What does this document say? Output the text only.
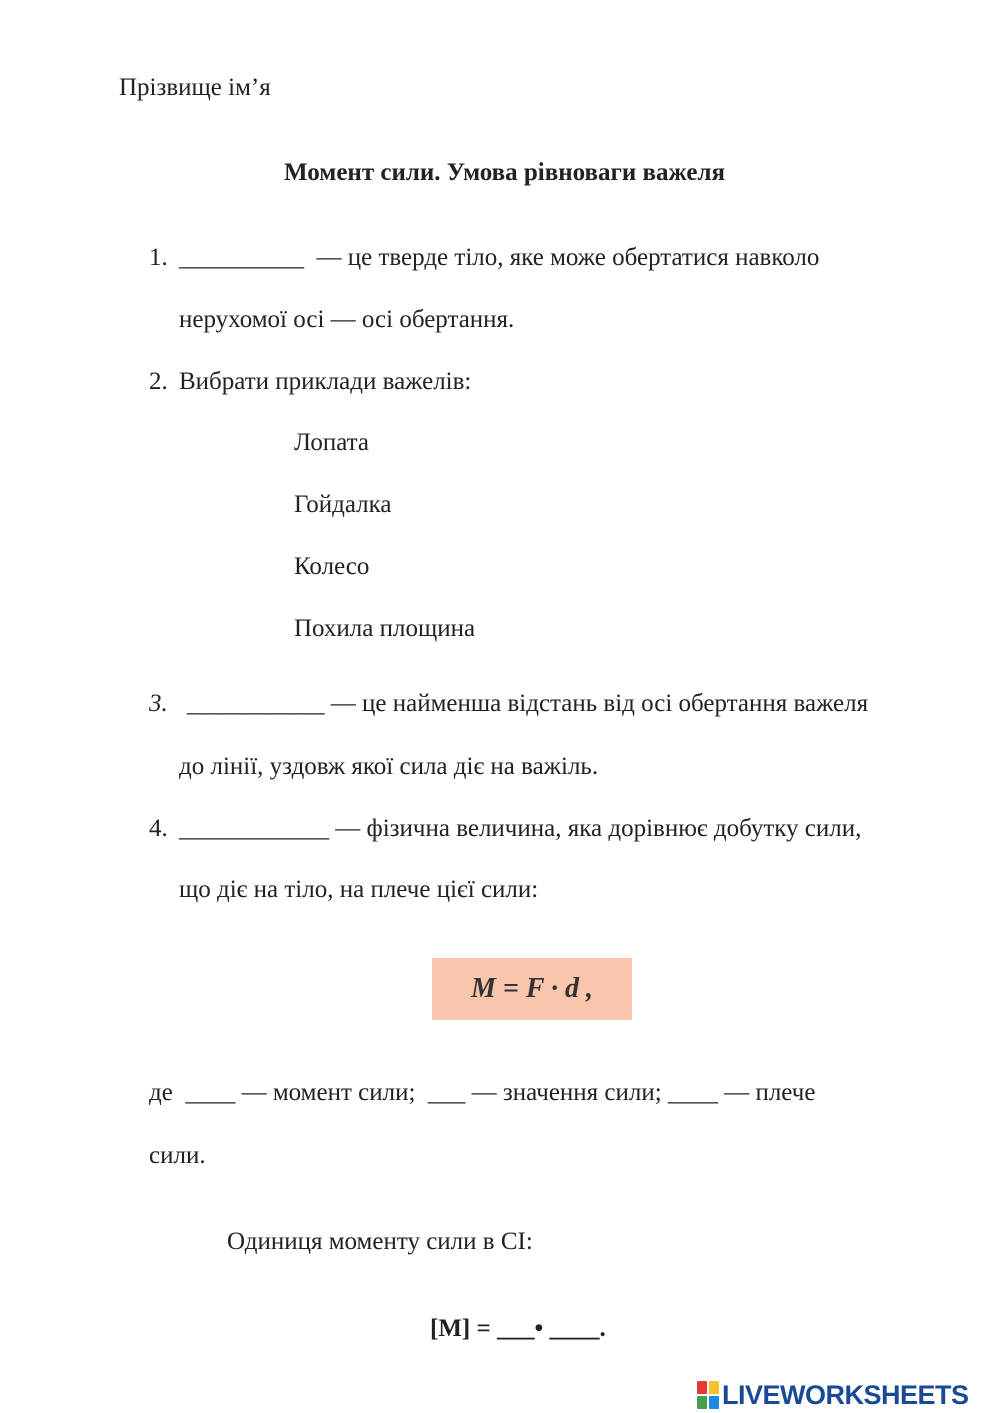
Прізвище ім’я
Момент сили. Умова рівноваги важеля
1. __________  — це тверде тіло, яке може обертатися навколо
нерухомої осі — осі обертання.
2. Вибрати приклади важелів:
Лопата
Гойдалка
Колесо
Похила площина
3. ___________ — це найменша відстань від осі обертання важеля
до лінії, уздовж якої сила діє на важіль.
4. ____________ — фізична величина, яка дорівнює добутку сили,
що діє на тіло, на плече цієї сили:
M = F · d ,
де  ____ — момент сили;  ___ — значення сили; ____ — плече
сили.
Одиниця моменту сили в СІ:
[M] = ___• ____.
LIVEWORKSHEETS
